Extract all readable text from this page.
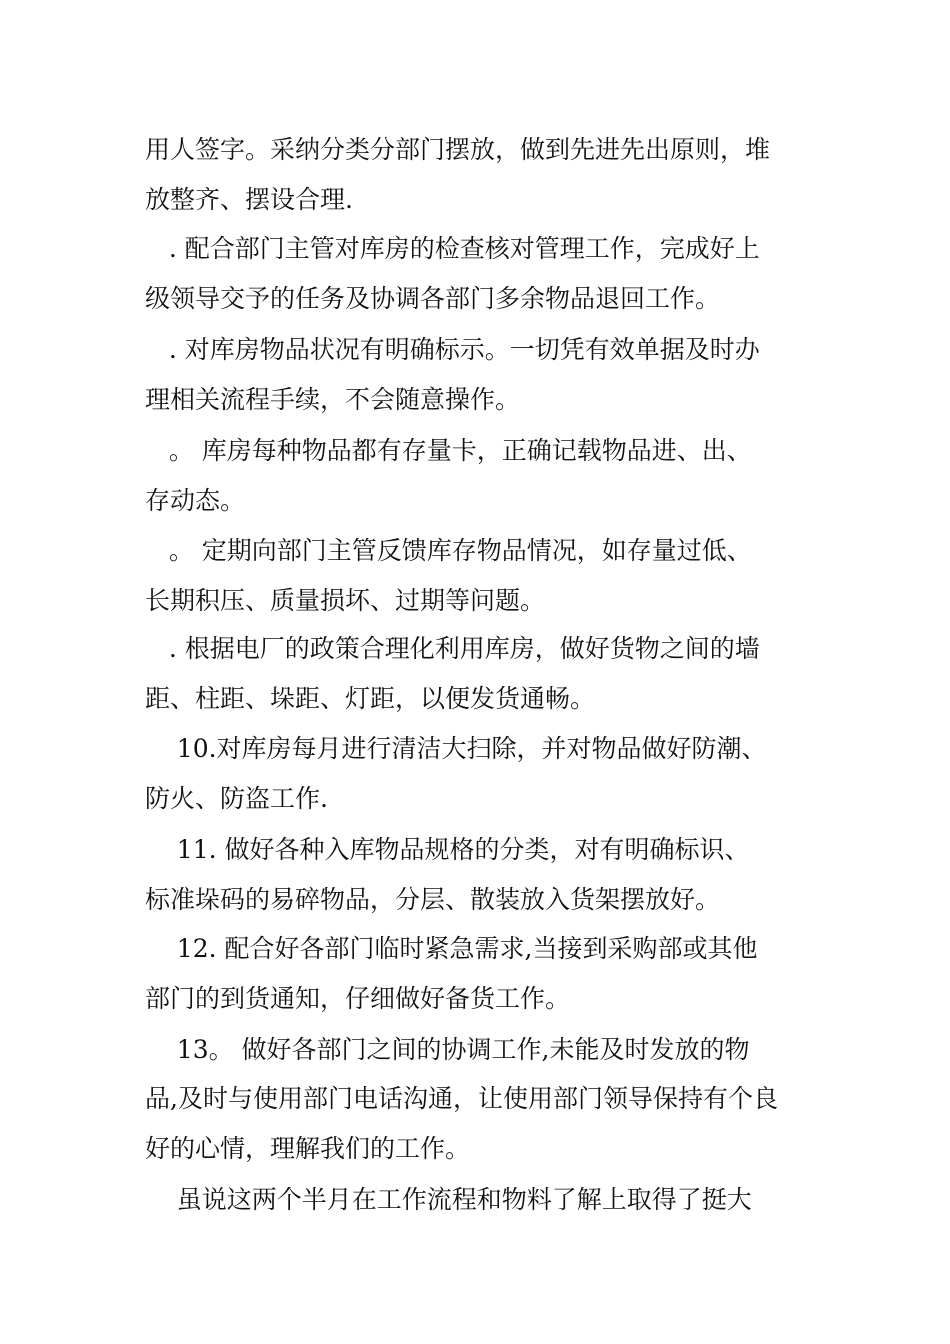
用人签字。采纳分类分部门摆放，做到先进先出原则，堆
放整齐、摆设合理.
. 配合部门主管对库房的检查核对管理工作，完成好上
级领导交予的任务及协调各部门多余物品退回工作。
. 对库房物品状况有明确标示。一切凭有效单据及时办
理相关流程手续，不会随意操作。
。 库房每种物品都有存量卡，正确记载物品进、出、
存动态。
。 定期向部门主管反馈库存物品情况，如存量过低、
长期积压、质量损坏、过期等问题。
. 根据电厂的政策合理化利用库房，做好货物之间的墙
距、柱距、垛距、灯距，以便发货通畅。
10.对库房每月进行清洁大扫除，并对物品做好防潮、
防火、防盗工作.
11. 做好各种入库物品规格的分类，对有明确标识、
标准垛码的易碎物品，分层、散装放入货架摆放好。
12. 配合好各部门临时紧急需求,当接到采购部或其他
部门的到货通知，仔细做好备货工作。
13。 做好各部门之间的协调工作,未能及时发放的物
品,及时与使用部门电话沟通，让使用部门领导保持有个良
好的心情，理解我们的工作。
虽说这两个半月在工作流程和物料了解上取得了挺大
